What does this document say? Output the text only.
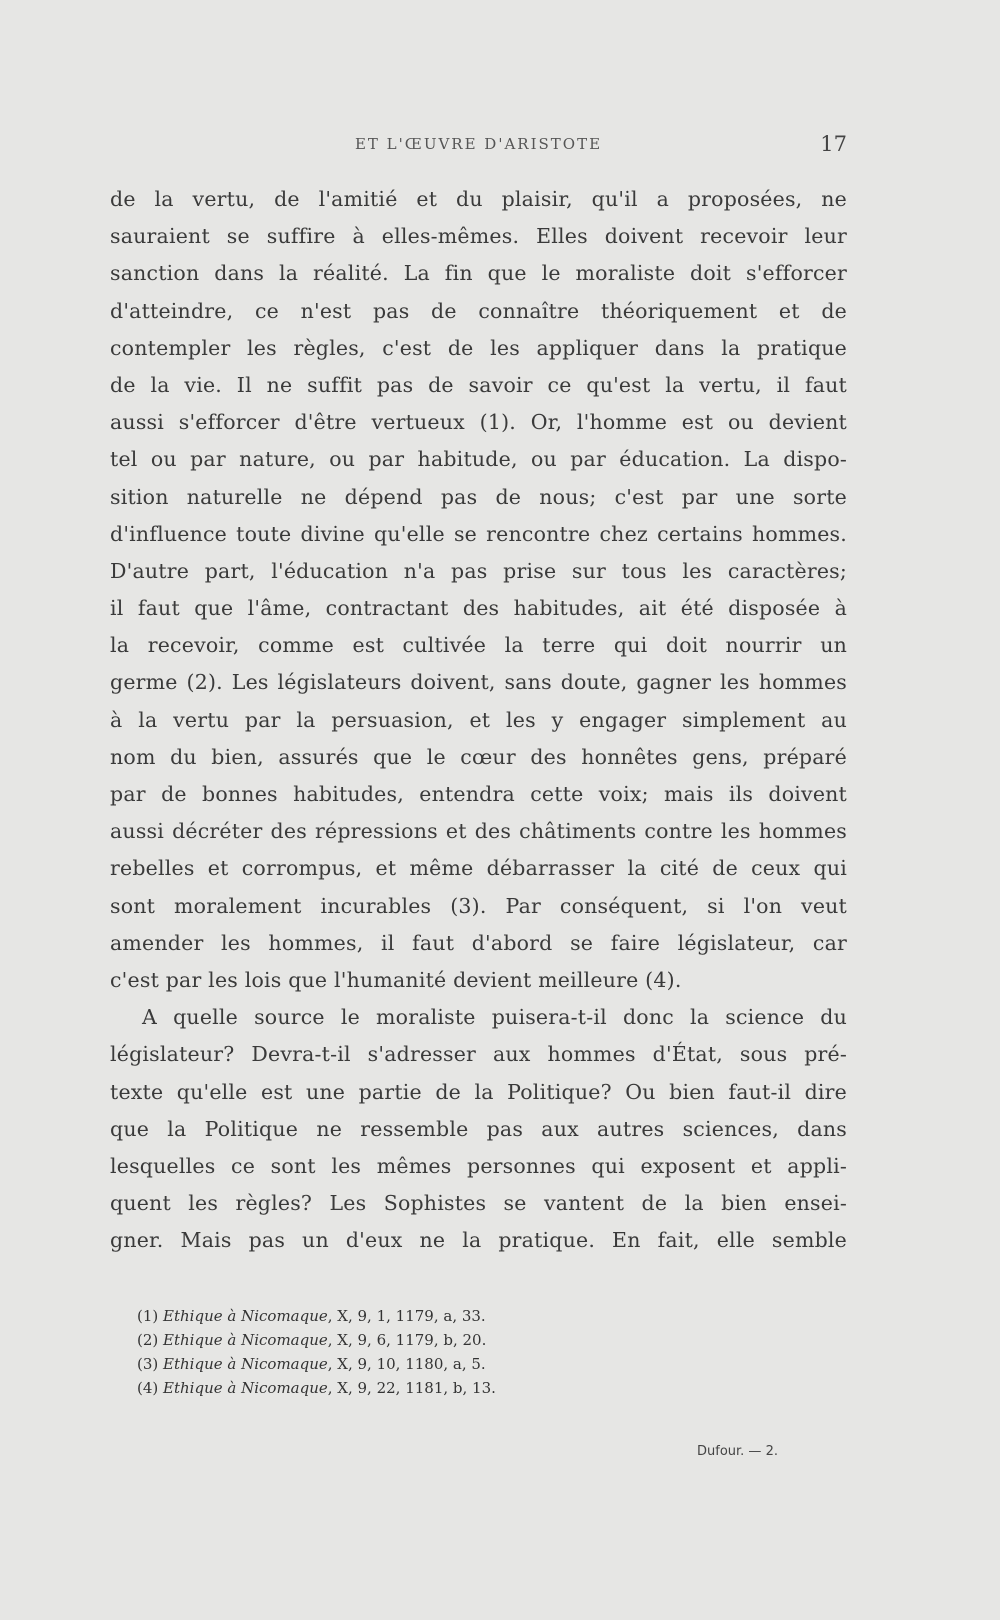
ET L'ŒUVRE D'ARISTOTE	17
de la vertu, de l'amitié et du plaisir, qu'il a proposées, ne
sauraient se suffire à elles-mêmes. Elles doivent recevoir leur
sanction dans la réalité. La fin que le moraliste doit s'efforcer
d'atteindre, ce n'est pas de connaître théoriquement et de
contempler les règles, c'est de les appliquer dans la pratique
de la vie. Il ne suffit pas de savoir ce qu'est la vertu, il faut
aussi s'efforcer d'être vertueux (1). Or, l'homme est ou devient
tel ou par nature, ou par habitude, ou par éducation. La dispo-
sition naturelle ne dépend pas de nous; c'est par une sorte
d'influence toute divine qu'elle se rencontre chez certains hommes.
D'autre part, l'éducation n'a pas prise sur tous les caractères;
il faut que l'âme, contractant des habitudes, ait été disposée à
la recevoir, comme est cultivée la terre qui doit nourrir un
germe (2). Les législateurs doivent, sans doute, gagner les hommes
à la vertu par la persuasion, et les y engager simplement au
nom du bien, assurés que le cœur des honnêtes gens, préparé
par de bonnes habitudes, entendra cette voix; mais ils doivent
aussi décréter des répressions et des châtiments contre les hommes
rebelles et corrompus, et même débarrasser la cité de ceux qui
sont moralement incurables (3). Par conséquent, si l'on veut
amender les hommes, il faut d'abord se faire législateur, car
c'est par les lois que l'humanité devient meilleure (4).
A quelle source le moraliste puisera-t-il donc la science du
législateur? Devra-t-il s'adresser aux hommes d'État, sous pré-
texte qu'elle est une partie de la Politique? Ou bien faut-il dire
que la Politique ne ressemble pas aux autres sciences, dans
lesquelles ce sont les mêmes personnes qui exposent et appli-
quent les règles? Les Sophistes se vantent de la bien ensei-
gner. Mais pas un d'eux ne la pratique. En fait, elle semble
(1) Ethique à Nicomaque, X, 9, 1, 1179, a, 33.
(2) Ethique à Nicomaque, X, 9, 6, 1179, b, 20.
(3) Ethique à Nicomaque, X, 9, 10, 1180, a, 5.
(4) Ethique à Nicomaque, X, 9, 22, 1181, b, 13.
Dufour. — 2.
